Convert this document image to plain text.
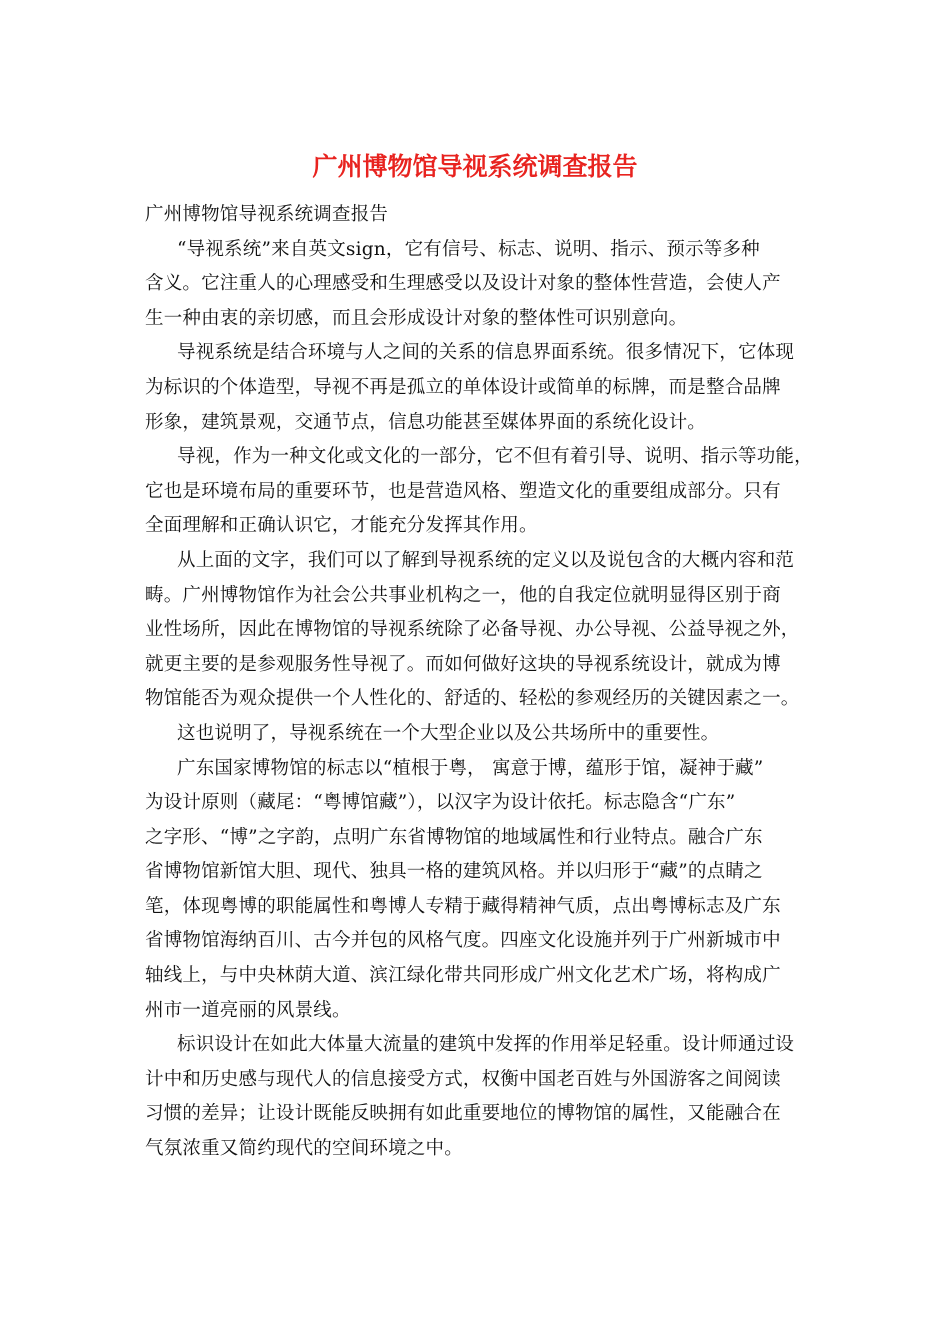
广州博物馆导视系统调查报告

广州博物馆导视系统调查报告

“导视系统”来自英文sign，它有信号、标志、说明、指示、预示等多种
含义。它注重人的心理感受和生理感受以及设计对象的整体性营造，会使人产
生一种由衷的亲切感，而且会形成设计对象的整体性可识别意向。
导视系统是结合环境与人之间的关系的信息界面系统。很多情况下，它体现
为标识的个体造型，导视不再是孤立的单体设计或简单的标牌，而是整合品牌
形象，建筑景观，交通节点，信息功能甚至媒体界面的系统化设计。
导视，作为一种文化或文化的一部分，它不但有着引导、说明、指示等功能，
它也是环境布局的重要环节，也是营造风格、塑造文化的重要组成部分。只有
全面理解和正确认识它，才能充分发挥其作用。
从上面的文字，我们可以了解到导视系统的定义以及说包含的大概内容和范
畴。广州博物馆作为社会公共事业机构之一，他的自我定位就明显得区别于商
业性场所，因此在博物馆的导视系统除了必备导视、办公导视、公益导视之外，
就更主要的是参观服务性导视了。而如何做好这块的导视系统设计，就成为博
物馆能否为观众提供一个人性化的、舒适的、轻松的参观经历的关键因素之一。
这也说明了，导视系统在一个大型企业以及公共场所中的重要性。
广东国家博物馆的标志以“植根于粤， 寓意于博，蕴形于馆，凝神于藏”
为设计原则（藏尾：“粤博馆藏”），以汉字为设计依托。标志隐含“广东”
之字形、“博”之字韵，点明广东省博物馆的地域属性和行业特点。融合广东
省博物馆新馆大胆、现代、独具一格的建筑风格。并以归形于“藏”的点睛之
笔，体现粤博的职能属性和粤博人专精于藏得精神气质，点出粤博标志及广东
省博物馆海纳百川、古今并包的风格气度。四座文化设施并列于广州新城市中
轴线上，与中央林荫大道、滨江绿化带共同形成广州文化艺术广场，将构成广
州市一道亮丽的风景线。
标识设计在如此大体量大流量的建筑中发挥的作用举足轻重。设计师通过设
计中和历史感与现代人的信息接受方式，权衡中国老百姓与外国游客之间阅读
习惯的差异；让设计既能反映拥有如此重要地位的博物馆的属性，又能融合在
气氛浓重又简约现代的空间环境之中。
